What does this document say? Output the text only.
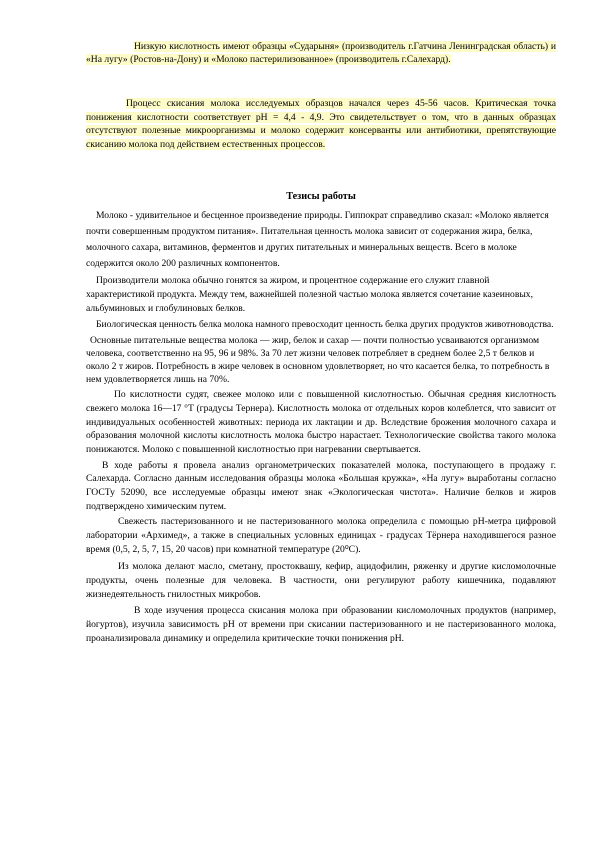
Низкую кислотность имеют образцы «Сударыня» (производитель г.Гатчина Ленинградская область) и «На лугу» (Ростов-на-Дону) и «Молоко пастерилизованное» (производитель г.Салехард).

Процесс скисания молока исследуемых образцов начался через 45-56 часов. Критическая точка понижения кислотности соответствует pH = 4,4 - 4,9. Это свидетельствует о том, что в данных образцах отсутствуют полезные микроорганизмы и молоко содержит консерванты или антибиотики, препятствующие скисанию молока под действием естественных процессов.

Тезисы работы

Молоко - удивительное и бесценное произведение природы. Гиппократ справедливо сказал: «Молоко является почти совершенным продуктом питания». Питательная ценность молока зависит от содержания жира, белка, молочного сахара, витаминов, ферментов и других питательных и минеральных веществ. Всего в молоке содержится около 200 различных компонентов.

Производители молока обычно гонятся за жиром, и процентное содержание его служит главной характеристикой продукта. Между тем, важнейшей полезной частью молока является сочетание казеиновых, альбуминовых и глобулиновых белков.

Биологическая ценность белка молока намного превосходит ценность белка других продуктов животноводства.

Основные питательные вещества молока — жир, белок и сахар — почти полностью усваиваются организмом человека, соответственно на 95, 96 и 98%. За 70 лет жизни человек потребляет в среднем более 2,5 т белков и около 2 т жиров. Потребность в жире человек в основном удовлетворяет, но что касается белка, то потребность в нем удовлетворяется лишь на 70%.

По кислотности судят, свежее молоко или с повышенной кислотностью. Обычная средняя кислотность свежего молока 16—17 °Т (градусы Тернера). Кислотность молока от отдельных коров колеблется, что зависит от индивидуальных особенностей животных: периода их лактации и др. Вследствие брожения молочного сахара и образования молочной кислоты кислотность молока быстро нарастает. Технологические свойства такого молока понижаются. Молоко с повышенной кислотностью при нагревании свертывается.

В ходе работы я провела анализ органометрических показателей молока, поступающего в продажу г. Салехарда. Согласно данным исследования образцы молока «Большая кружка», «На лугу» выработаны согласно ГОСТу 52090, все исследуемые образцы имеют знак «Экологическая чистота». Наличие белков и жиров подтверждено химическим путем.

Свежесть пастеризованного и не пастеризованного молока определила с помощью pH-метра цифровой лаборатории «Архимед», а также в специальных условных единицах - градусах Тёрнера находившегося разное время (0,5, 2, 5, 7, 15, 20 часов) при комнатной температуре (20⁰С).

Из молока делают масло, сметану, простоквашу, кефир, ацидофилин, ряженку и другие кисломолочные продукты, очень полезные для человека. В частности, они регулируют работу кишечника, подавляют жизнедеятельность гнилостных микробов.

В ходе изучения процесса скисания молока при образовании кисломолочных продуктов (например, йогуртов), изучила зависимость pH от времени при скисании пастеризованного и не пастеризованного молока, проанализировала динамику и определила критические точки понижения pH.
